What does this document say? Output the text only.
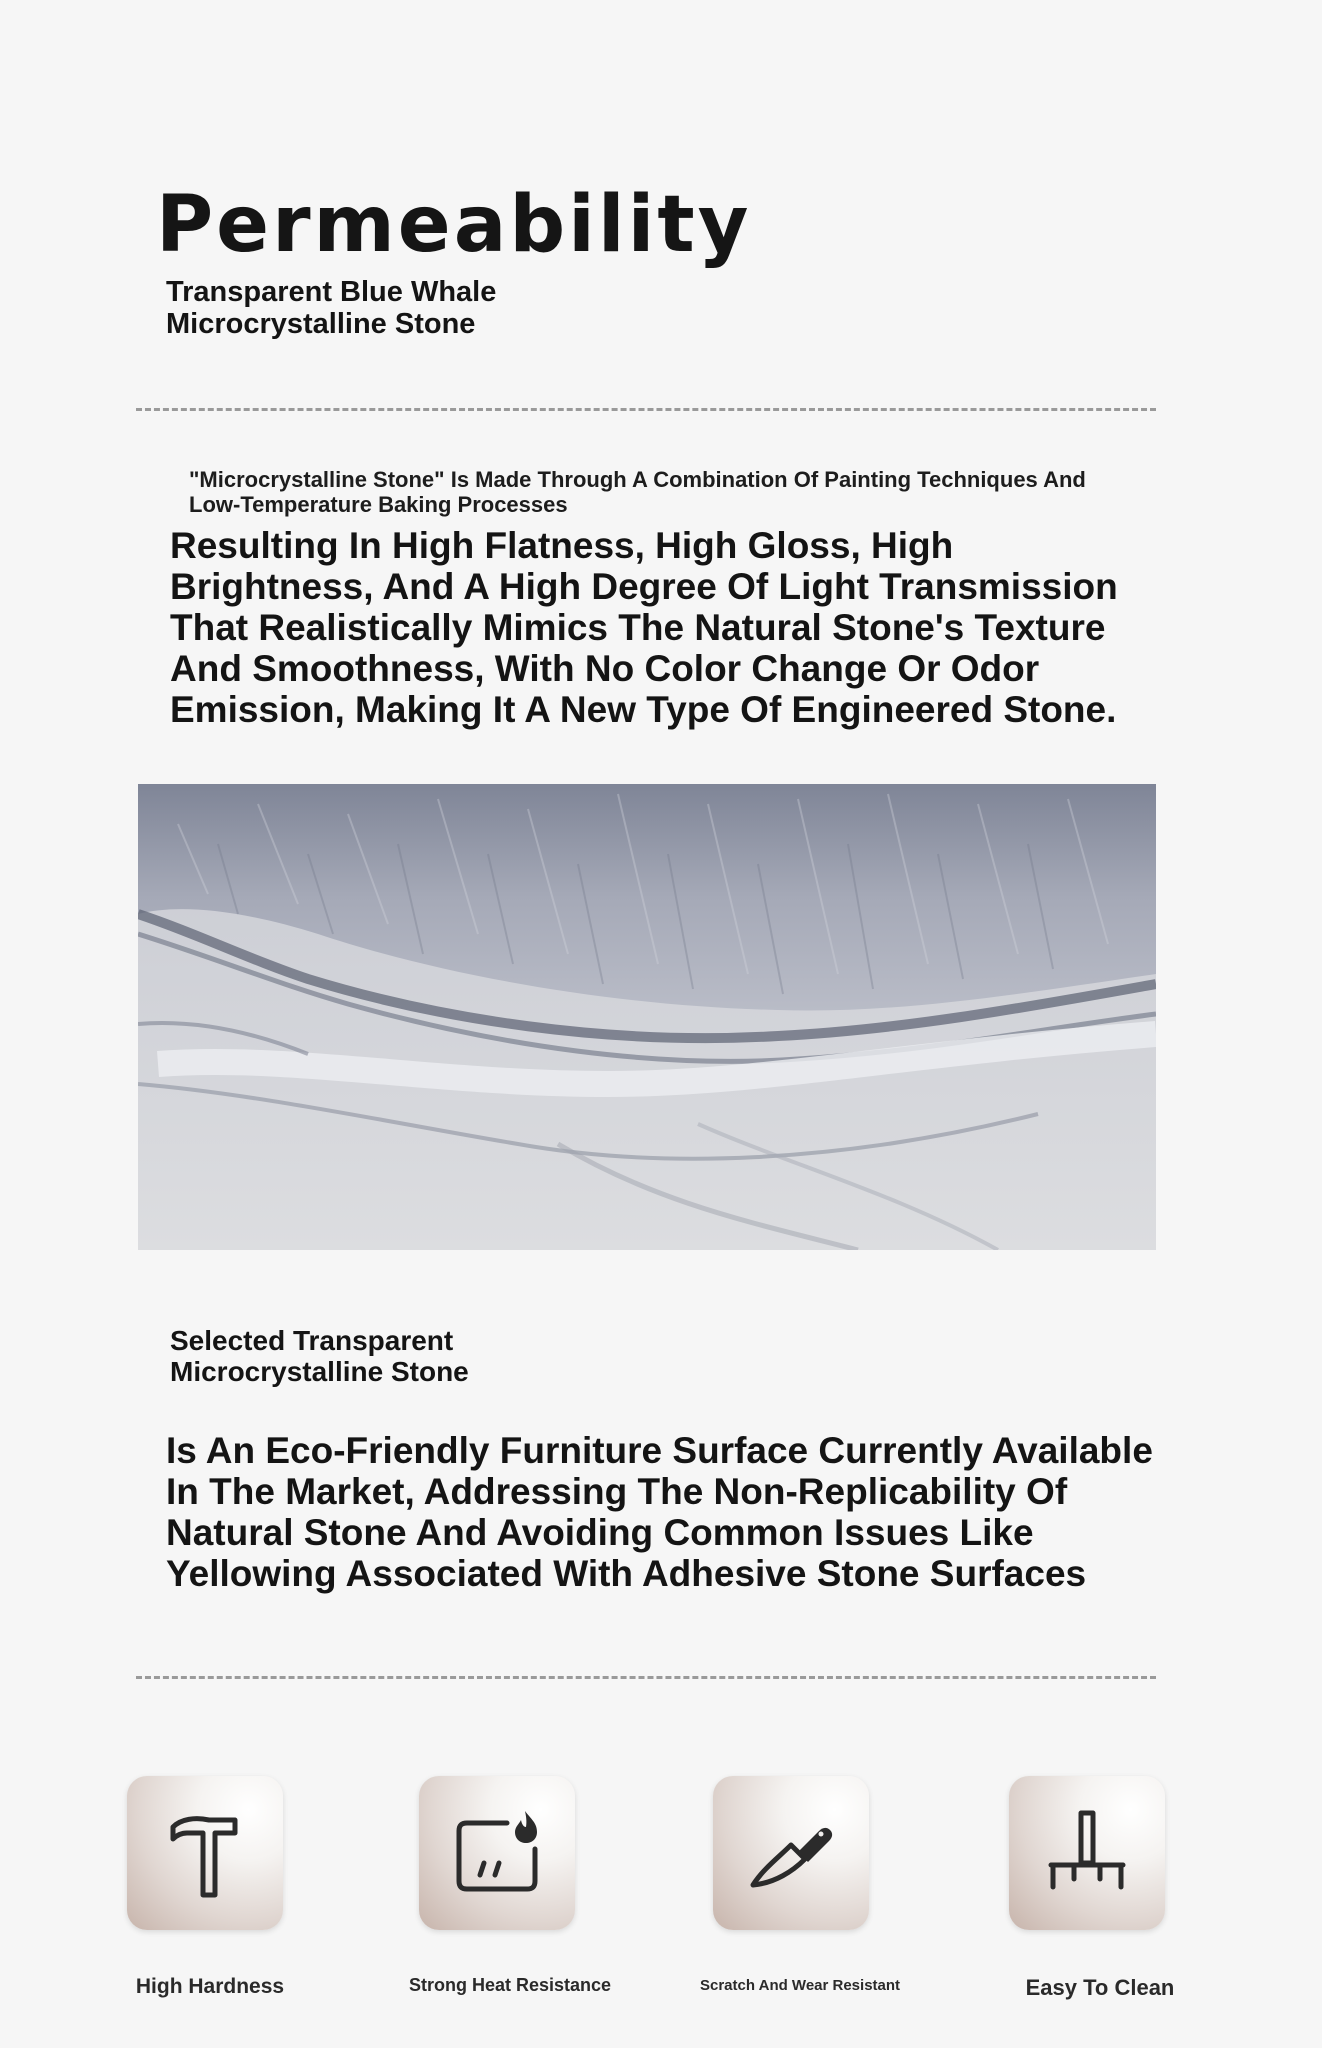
Permeability
Transparent Blue Whale Microcrystalline Stone
"Microcrystalline Stone" Is Made Through A Combination Of Painting Techniques And Low-Temperature Baking Processes
Resulting In High Flatness, High Gloss, High Brightness, And A High Degree Of Light Transmission That Realistically Mimics The Natural Stone's Texture And Smoothness, With No Color Change Or Odor Emission, Making It A New Type Of Engineered Stone.
Selected Transparent Microcrystalline Stone
Is An Eco-Friendly Furniture Surface Currently Available In The Market, Addressing The Non-Replicability Of Natural Stone And Avoiding Common Issues Like Yellowing Associated With Adhesive Stone Surfaces
High Hardness	Strong Heat Resistance	Scratch And Wear Resistant	Easy To Clean
